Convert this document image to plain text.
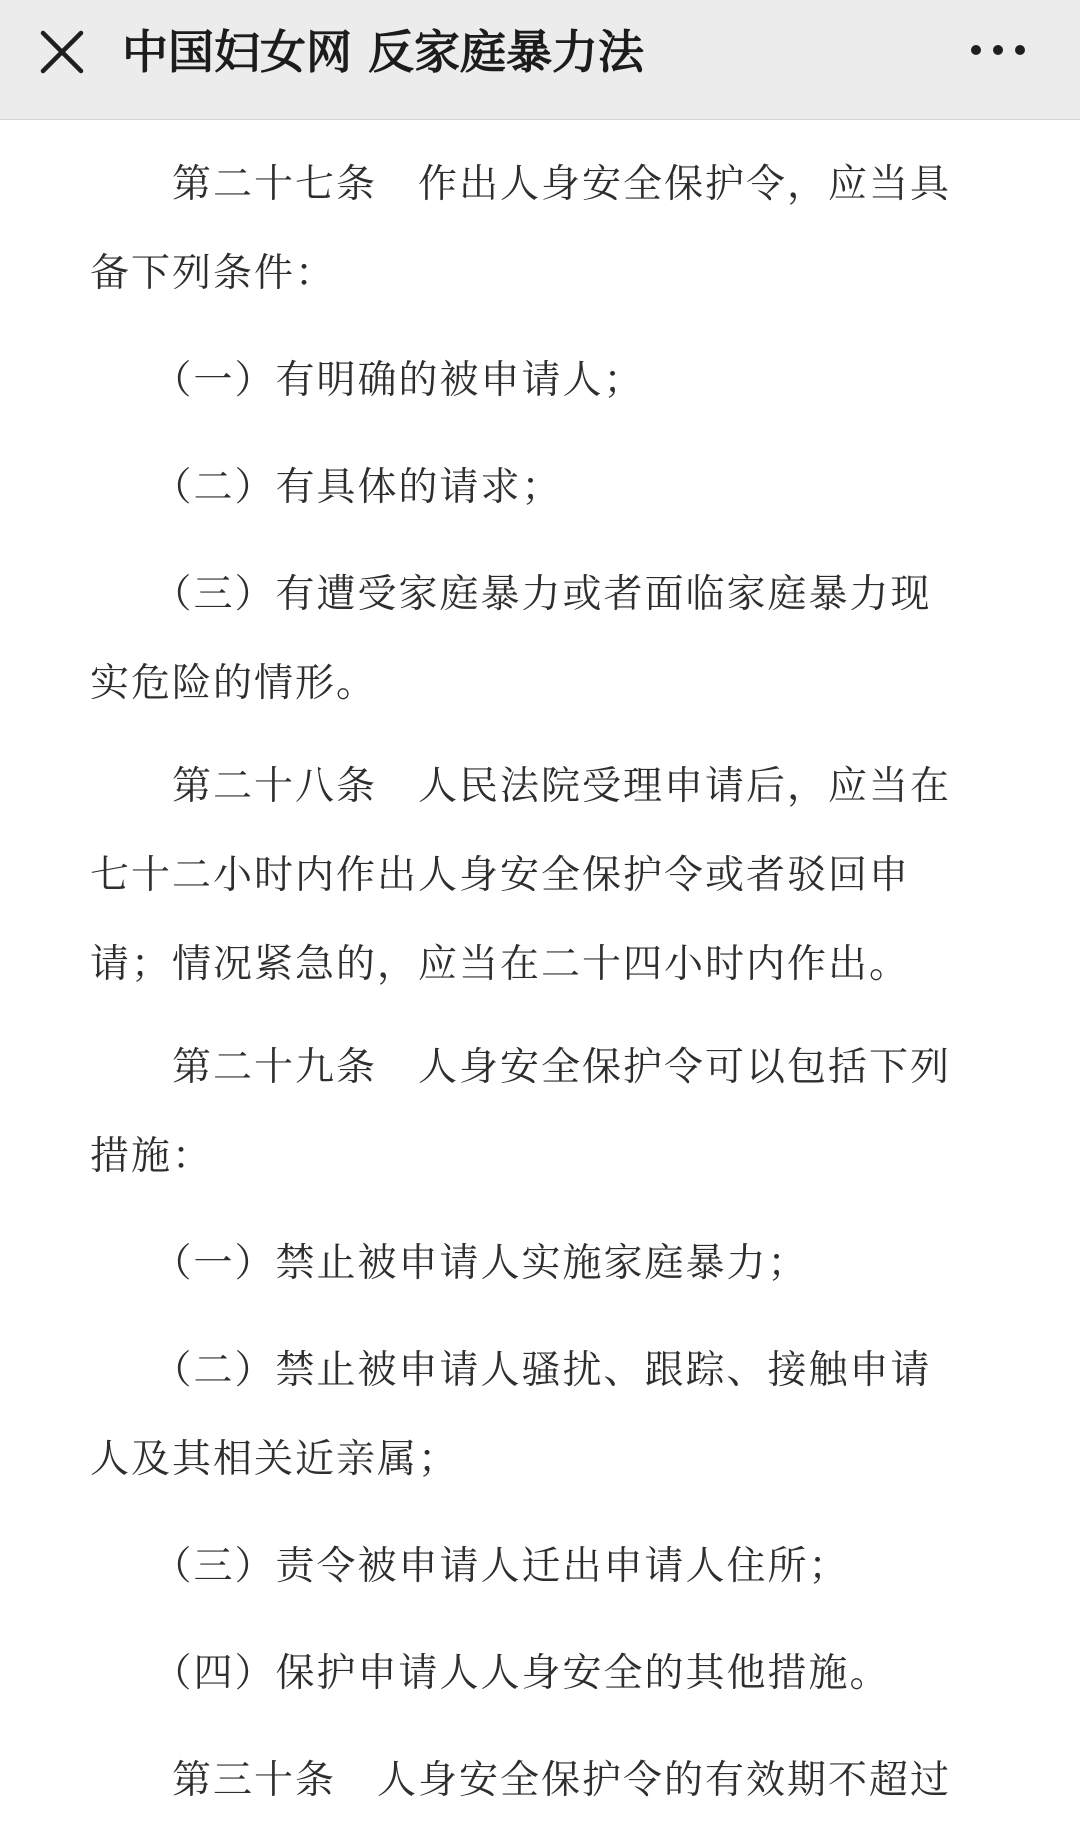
中国妇女网 反家庭暴力法

　　第二十七条　作出人身安全保护令，应当具

备下列条件：

　　（一）有明确的被申请人；

　　（二）有具体的请求；

　　（三）有遭受家庭暴力或者面临家庭暴力现

实危险的情形。

　　第二十八条　人民法院受理申请后，应当在

七十二小时内作出人身安全保护令或者驳回申

请；情况紧急的，应当在二十四小时内作出。

　　第二十九条　人身安全保护令可以包括下列

措施：

　　（一）禁止被申请人实施家庭暴力；

　　（二）禁止被申请人骚扰、跟踪、接触申请

人及其相关近亲属；

　　（三）责令被申请人迁出申请人住所；

　　（四）保护申请人人身安全的其他措施。

　　第三十条　人身安全保护令的有效期不超过
